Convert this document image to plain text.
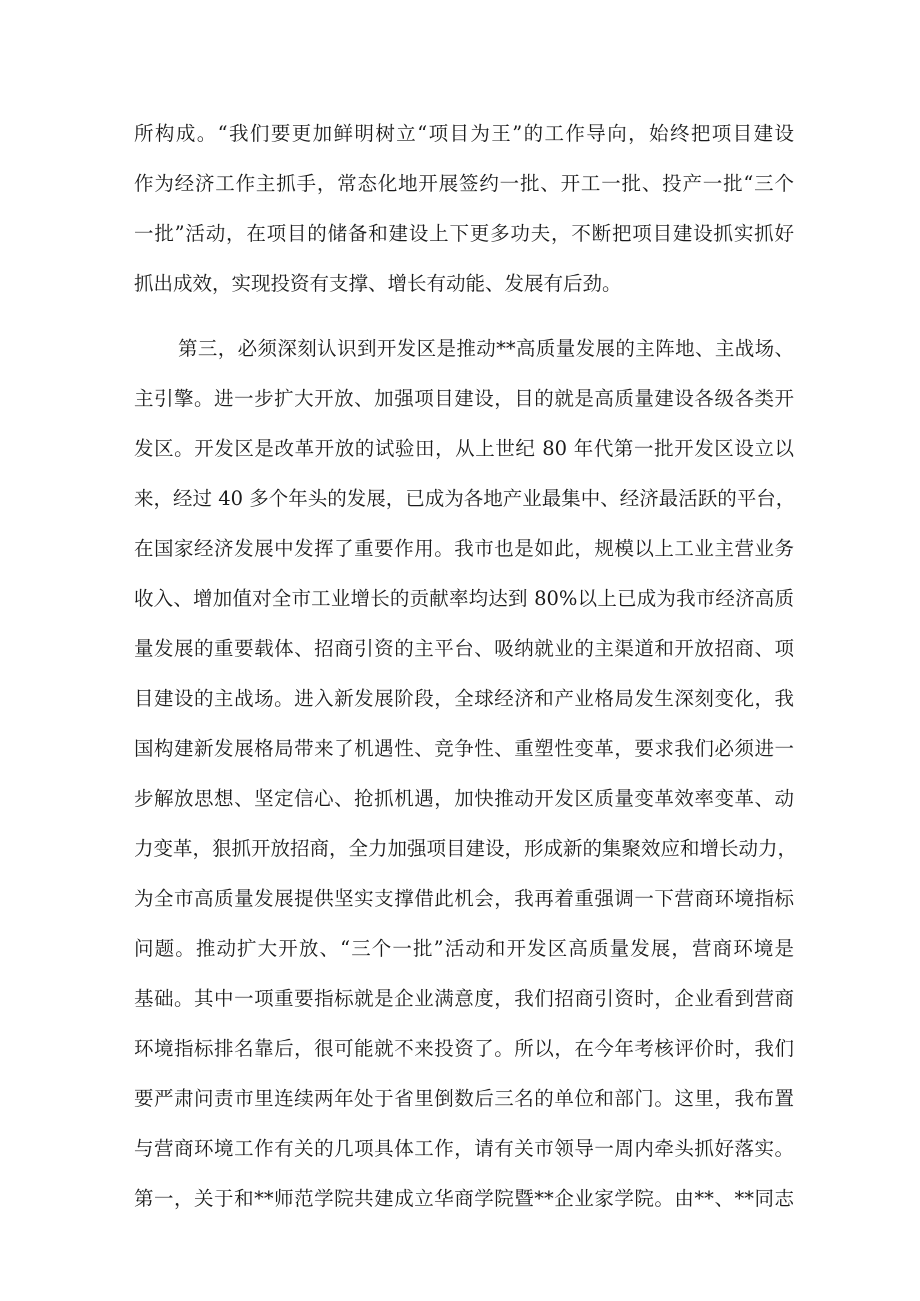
所构成。“我们要更加鲜明树立“项目为王”的工作导向，始终把项目建设
作为经济工作主抓手，常态化地开展签约一批、开工一批、投产一批“三个
一批”活动，在项目的储备和建设上下更多功夫，不断把项目建设抓实抓好
抓出成效，实现投资有支撑、增长有动能、发展有后劲。
第三，必须深刻认识到开发区是推动**高质量发展的主阵地、主战场、
主引擎。进一步扩大开放、加强项目建设，目的就是高质量建设各级各类开
发区。开发区是改革开放的试验田，从上世纪 80 年代第一批开发区设立以
来，经过 40 多个年头的发展，已成为各地产业最集中、经济最活跃的平台，
在国家经济发展中发挥了重要作用。我市也是如此，规模以上工业主营业务
收入、增加值对全市工业增长的贡献率均达到 80%以上已成为我市经济高质
量发展的重要载体、招商引资的主平台、吸纳就业的主渠道和开放招商、项
目建设的主战场。进入新发展阶段，全球经济和产业格局发生深刻变化，我
国构建新发展格局带来了机遇性、竞争性、重塑性变革，要求我们必须进一
步解放思想、坚定信心、抢抓机遇，加快推动开发区质量变革效率变革、动
力变革，狠抓开放招商，全力加强项目建设，形成新的集聚效应和增长动力，
为全市高质量发展提供坚实支撑借此机会，我再着重强调一下营商环境指标
问题。推动扩大开放、“三个一批”活动和开发区高质量发展，营商环境是
基础。其中一项重要指标就是企业满意度，我们招商引资时，企业看到营商
环境指标排名靠后，很可能就不来投资了。所以，在今年考核评价时，我们
要严肃问责市里连续两年处于省里倒数后三名的单位和部门。这里，我布置
与营商环境工作有关的几项具体工作，请有关市领导一周内牵头抓好落实。
第一，关于和**师范学院共建成立华商学院暨**企业家学院。由**、**同志
